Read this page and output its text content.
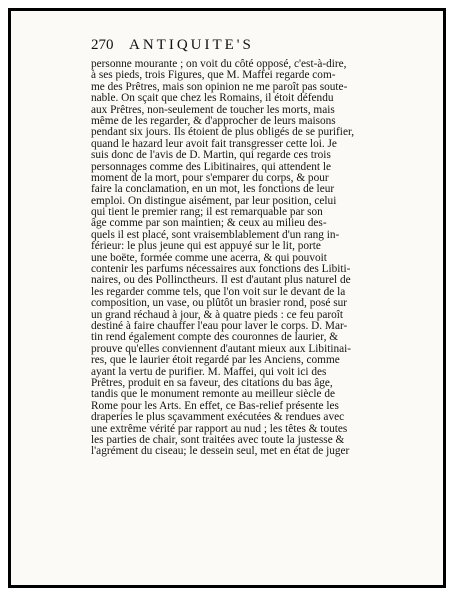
270 ANTIQUITE'S
personne mourante ; on voit du côté opposé, c'est-à-dire,
à ses pieds, trois Figures, que M. Maffei regarde com-
me des Prêtres, mais son opinion ne me paroît pas soute-
nable. On sçait que chez les Romains, il étoit défendu
aux Prêtres, non-seulement de toucher les morts, mais
même de les regarder, & d'approcher de leurs maisons
pendant six jours. Ils étoient de plus obligés de se purifier,
quand le hazard leur avoit fait transgresser cette loi. Je
suis donc de l'avis de D. Martin, qui regarde ces trois
personnages comme des Libitinaires, qui attendent le
moment de la mort, pour s'emparer du corps, & pour
faire la conclamation, en un mot, les fonctions de leur
emploi. On distingue aisément, par leur position, celui
qui tient le premier rang; il est remarquable par son
âge comme par son maintien; & ceux au milieu des-
quels il est placé, sont vraisemblablement d'un rang in-
férieur: le plus jeune qui est appuyé sur le lit, porte
une boëte, formée comme une acerra, & qui pouvoit
contenir les parfums nécessaires aux fonctions des Libiti-
naires, ou des Pollinctheurs. Il est d'autant plus naturel de
les regarder comme tels, que l'on voit sur le devant de la
composition, un vase, ou plûtôt un brasier rond, posé sur
un grand réchaud à jour, & à quatre pieds : ce feu paroît
destiné à faire chauffer l'eau pour laver le corps. D. Mar-
tin rend également compte des couronnes de laurier, &
prouve qu'elles conviennent d'autant mieux aux Libitinai-
res, que le laurier étoit regardé par les Anciens, comme
ayant la vertu de purifier. M. Maffei, qui voit ici des
Prêtres, produit en sa faveur, des citations du bas âge,
tandis que le monument remonte au meilleur siècle de
Rome pour les Arts. En effet, ce Bas-relief présente les
draperies le plus sçavamment exécutées & rendues avec
une extrême vérité par rapport au nud ; les têtes & toutes
les parties de chair, sont traitées avec toute la justesse &
l'agrément du ciseau; le dessein seul, met en état de juger
